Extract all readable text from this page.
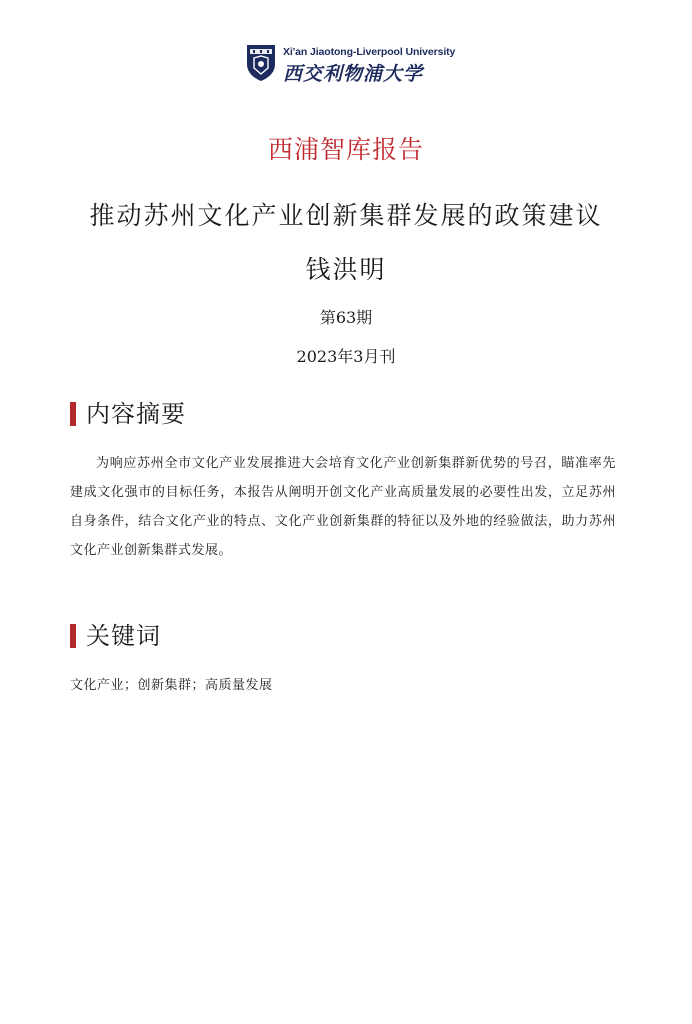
Xi'an Jiaotong-Liverpool University
西交利物浦大学
西浦智库报告
推动苏州文化产业创新集群发展的政策建议
钱洪明
第63期
2023年3月刊
内容摘要

为响应苏州全市文化产业发展推进大会培育文化产业创新集群新优势的号召，瞄准率先建成文化强市的目标任务，本报告从阐明开创文化产业高质量发展的必要性出发，立足苏州自身条件，结合文化产业的特点、文化产业创新集群的特征以及外地的经验做法，助力苏州文化产业创新集群式发展。

关键词
文化产业；创新集群；高质量发展
